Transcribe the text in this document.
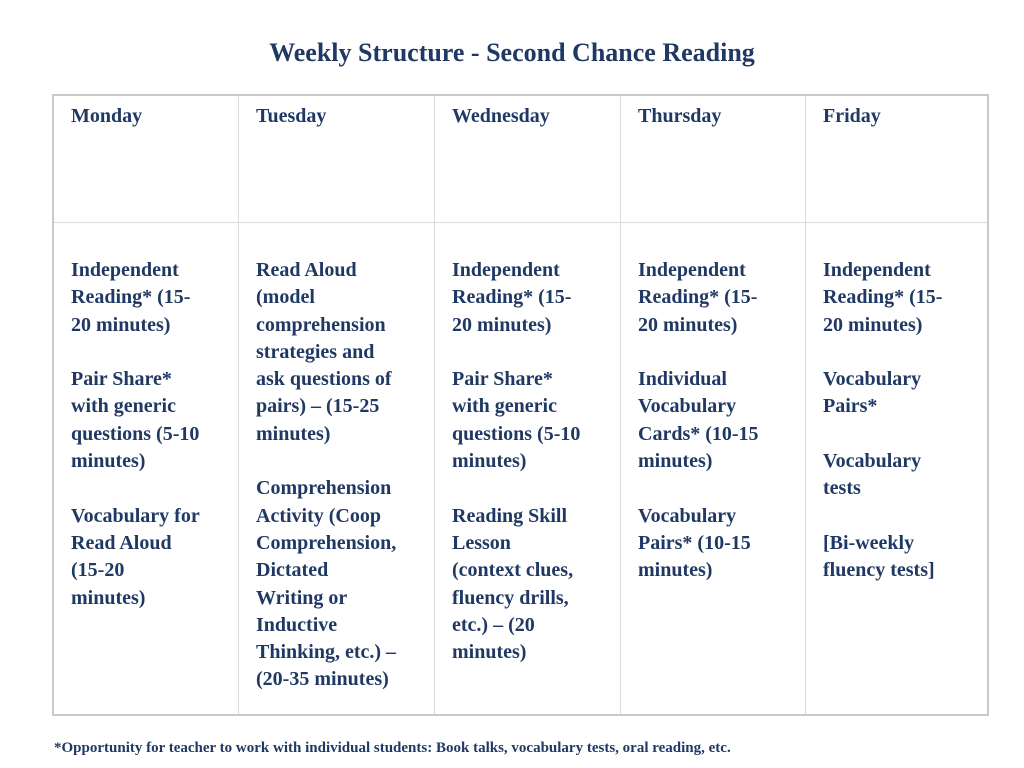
Weekly Structure - Second Chance Reading
Monday
Independent
Reading* (15-
20 minutes)
Pair Share*
with generic
questions (5-10
minutes)
Vocabulary for
Read Aloud
(15-20
minutes)
Tuesday
Read Aloud
(model
comprehension
strategies and
ask questions of
pairs) – (15-25
minutes)
Comprehension
Activity (Coop
Comprehension,
Dictated
Writing or
Inductive
Thinking, etc.) –
(20-35 minutes)
Wednesday
Independent
Reading* (15-
20 minutes)
Pair Share*
with generic
questions (5-10
minutes)
Reading Skill
Lesson
(context clues,
fluency drills,
etc.) – (20
minutes)
Thursday
Independent
Reading* (15-
20 minutes)
Individual
Vocabulary
Cards* (10-15
minutes)
Vocabulary
Pairs* (10-15
minutes)
Friday
Independent
Reading* (15-
20 minutes)
Vocabulary
Pairs*
Vocabulary
tests
[Bi-weekly
fluency tests]
*Opportunity for teacher to work with individual students: Book talks, vocabulary tests, oral reading, etc.
